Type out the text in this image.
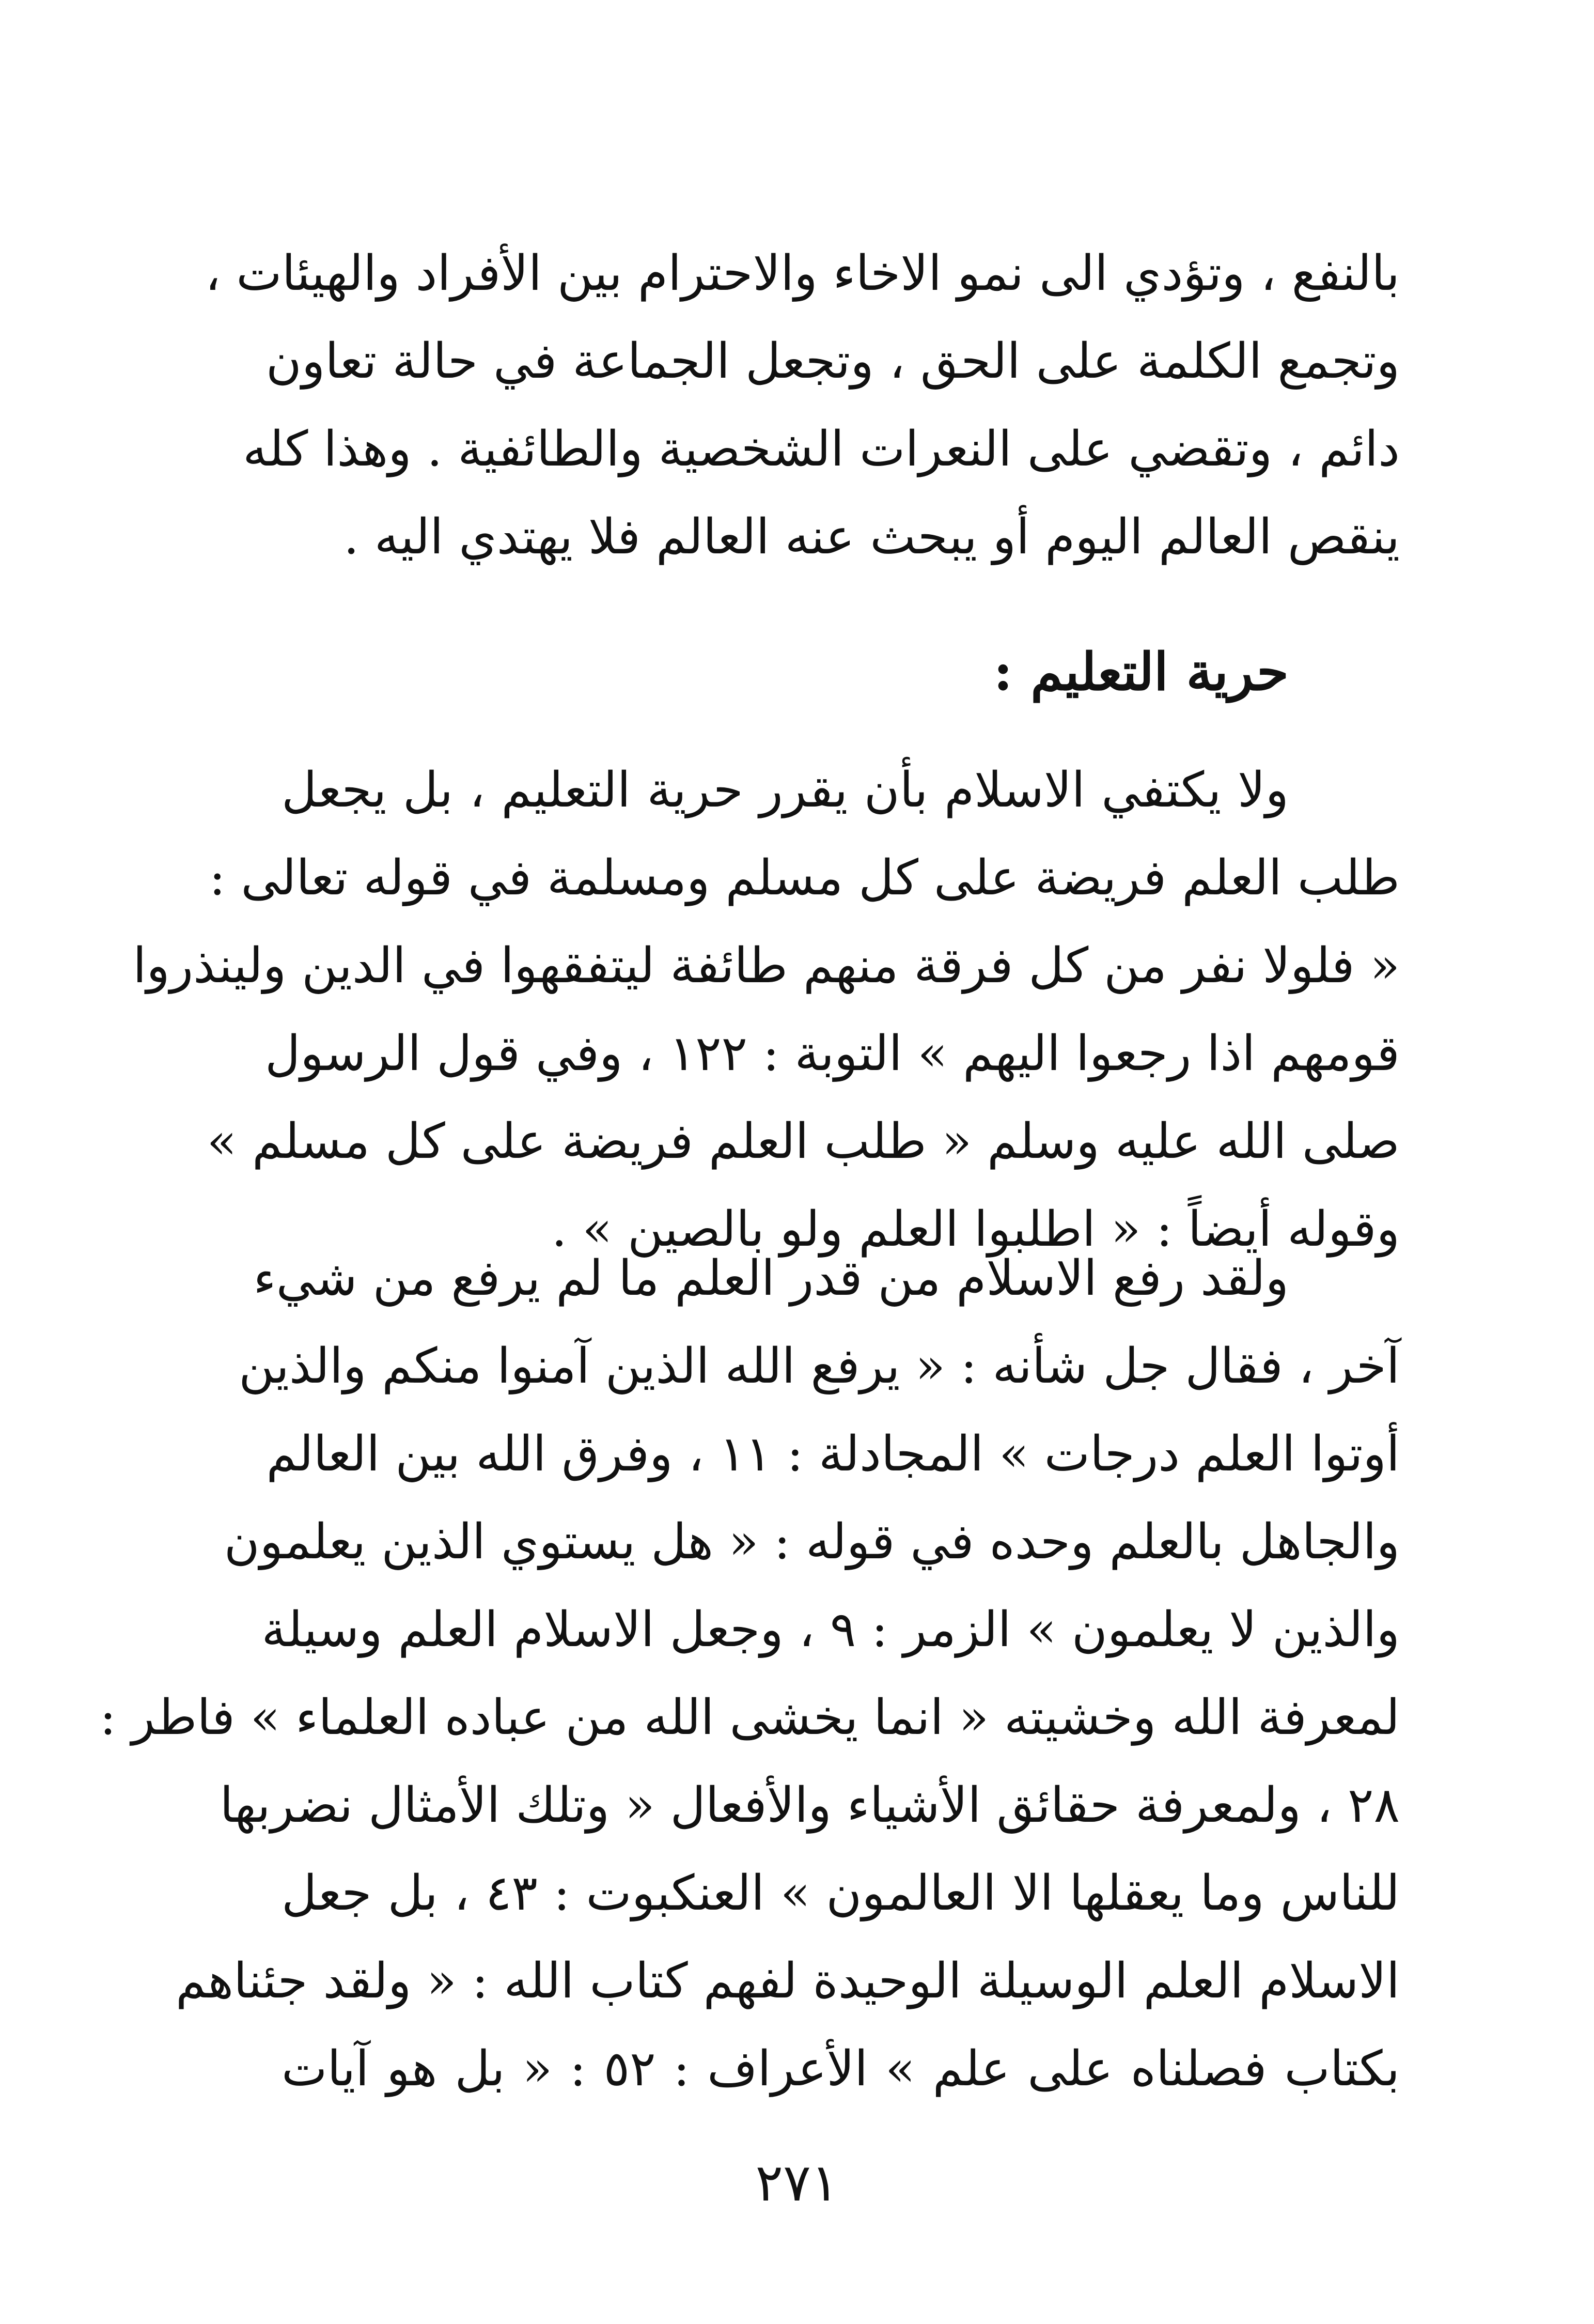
بالنفع ، وتؤدي الى نمو الاخاء والاحترام بين الأفراد والهيئات ،
وتجمع الكلمة على الحق ، وتجعل الجماعة في حالة تعاون
دائم ، وتقضي على النعرات الشخصية والطائفية . وهذا كله
ينقص العالم اليوم أو يبحث عنه العالم فلا يهتدي اليه .
حرية التعليم :
ولا يكتفي الاسلام بأن يقرر حرية التعليم ، بل يجعل
طلب العلم فريضة على كل مسلم ومسلمة في قوله تعالى :
« فلولا نفر من كل فرقة منهم طائفة ليتفقهوا في الدين ولينذروا
قومهم اذا رجعوا اليهم » التوبة : ١٢٢ ، وفي قول الرسول
صلى الله عليه وسلم « طلب العلم فريضة على كل مسلم »
وقوله أيضاً : « اطلبوا العلم ولو بالصين » .
ولقد رفع الاسلام من قدر العلم ما لم يرفع من شيء
آخر ، فقال جل شأنه : « يرفع الله الذين آمنوا منكم والذين
أوتوا العلم درجات » المجادلة : ١١ ، وفرق الله بين العالم
والجاهل بالعلم وحده في قوله : « هل يستوي الذين يعلمون
والذين لا يعلمون » الزمر : ٩ ، وجعل الاسلام العلم وسيلة
لمعرفة الله وخشيته « انما يخشى الله من عباده العلماء » فاطر :
٢٨ ، ولمعرفة حقائق الأشياء والأفعال « وتلك الأمثال نضربها
للناس وما يعقلها الا العالمون » العنكبوت : ٤٣ ، بل جعل
الاسلام العلم الوسيلة الوحيدة لفهم كتاب الله : « ولقد جئناهم
بكتاب فصلناه على علم » الأعراف : ٥٢ : « بل هو آيات
٢٧١
